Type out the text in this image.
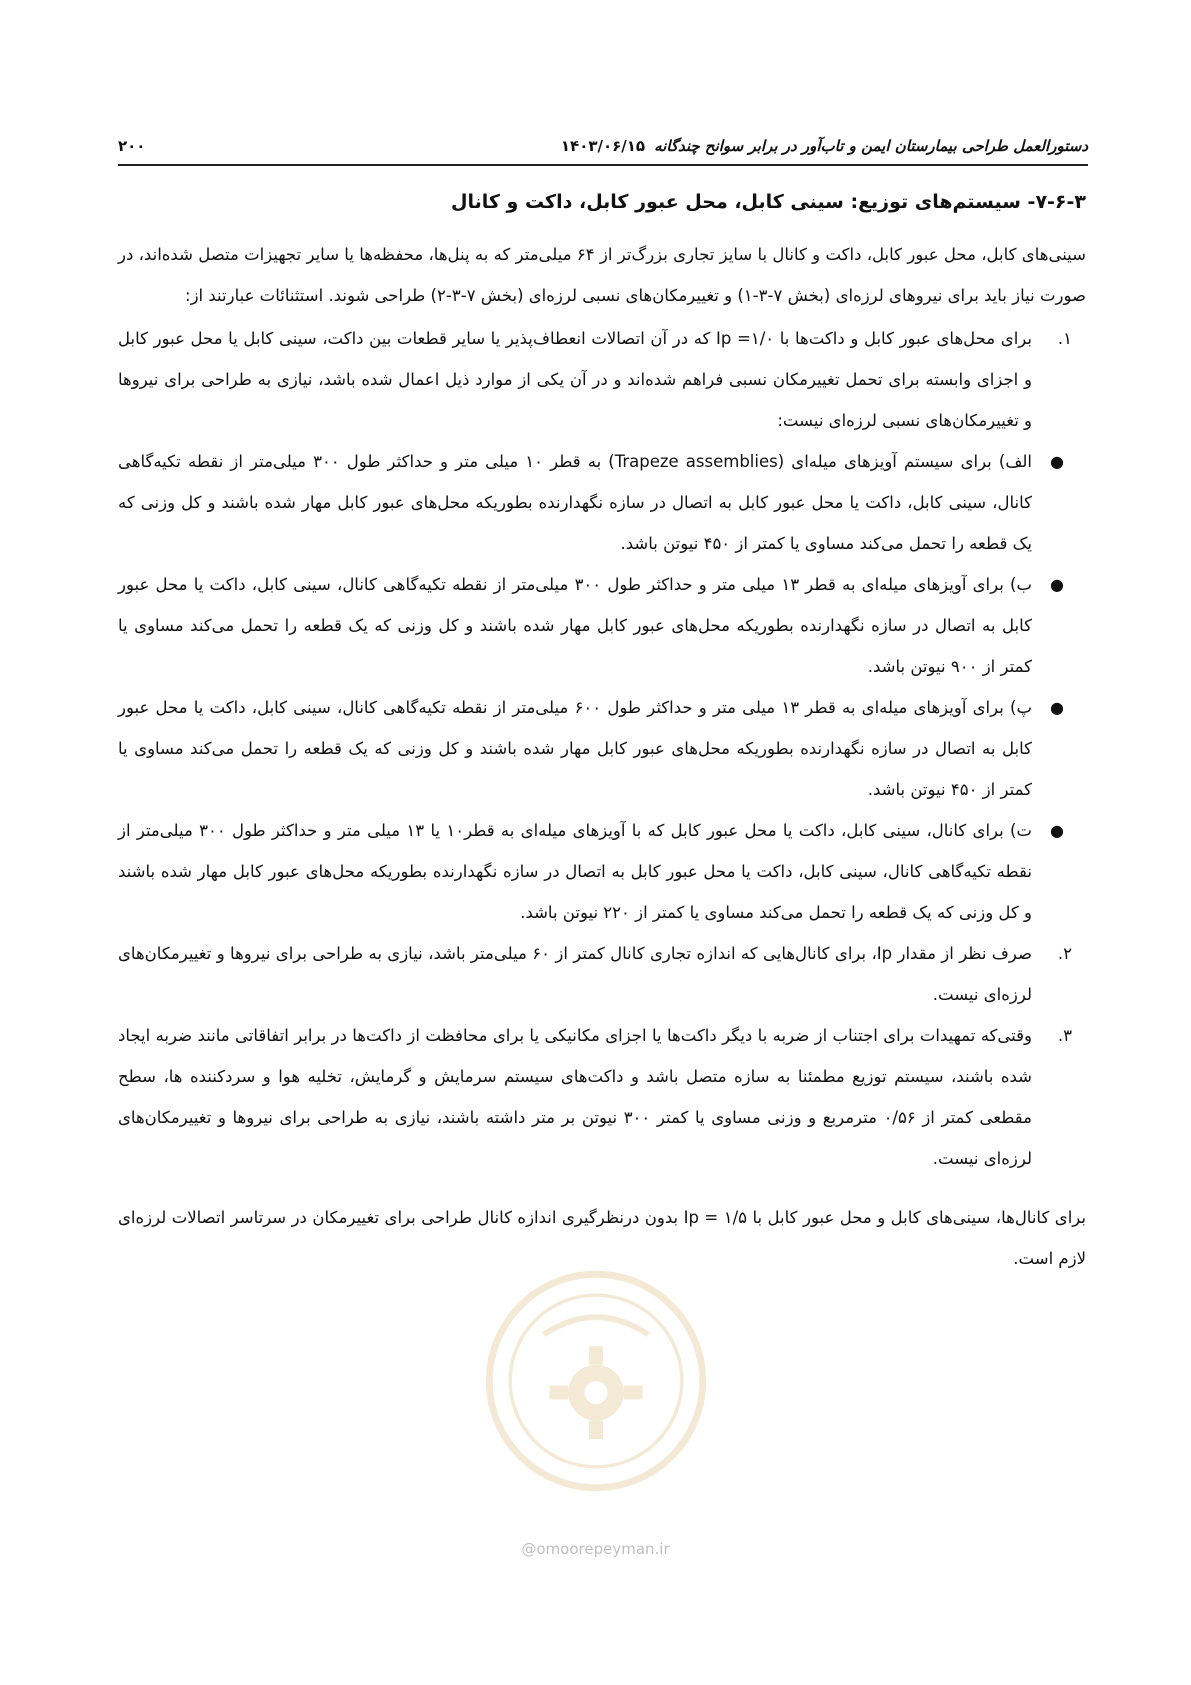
دستورالعمل طراحی بیمارستان ایمن و تاب‌آور در برابر سوانح چندگانه
۱۴۰۳/۰۶/۱۵
۲۰۰
۷-۶-۳- سیستم‌های توزیع: سینی کابل، محل عبور کابل، داکت و کانال

سینی‌های کابل، محل عبور کابل، داکت و کانال با سایز تجاری بزرگ‌تر از ۶۴ میلی‌متر که به پنل‌ها، محفظه‌ها یا سایر تجهیزات متصل شده‌اند، در صورت نیاز باید برای نیروهای لرزه‌ای (بخش ۷-۳-۱) و تغییرمکان‌های نسبی لرزه‌ای (بخش ۷-۳-۲) طراحی شوند. استثنائات عبارتند از:

۱.

برای محل‌های عبور کابل و داکت‌ها با Ip =۱/۰ که در آن اتصالات انعطاف‌پذیر یا سایر قطعات بین داکت، سینی کابل یا محل عبور کابل و اجزای وابسته برای تحمل تغییرمکان نسبی فراهم شده‌اند و در آن یکی از موارد ذیل اعمال شده باشد، نیازی به طراحی برای نیروها و تغییرمکان‌های نسبی لرزه‌ای نیست:

●

الف) برای سیستم آویزهای میله‌ای (Trapeze assemblies) به قطر ۱۰ میلی متر و حداکثر طول ۳۰۰ میلی‌متر از نقطه تکیه‌گاهی کانال، سینی کابل، داکت یا محل عبور کابل به اتصال در سازه نگهدارنده بطوریکه محل‌های عبور کابل مهار شده باشند و کل وزنی که یک قطعه را تحمل می‌کند مساوی یا کمتر از ۴۵۰ نیوتن باشد.

●

ب) برای آویزهای میله‌ای به قطر ۱۳ میلی متر و حداکثر طول ۳۰۰ میلی‌متر از نقطه تکیه‌گاهی کانال، سینی کابل، داکت یا محل عبور کابل به اتصال در سازه نگهدارنده بطوریکه محل‌های عبور کابل مهار شده باشند و کل وزنی که یک قطعه را تحمل می‌کند مساوی یا کمتر از ۹۰۰ نیوتن باشد.

●

پ) برای آویزهای میله‌ای به قطر ۱۳ میلی متر و حداکثر طول ۶۰۰ میلی‌متر از نقطه تکیه‌گاهی کانال، سینی کابل، داکت یا محل عبور کابل به اتصال در سازه نگهدارنده بطوریکه محل‌های عبور کابل مهار شده باشند و کل وزنی که یک قطعه را تحمل می‌کند مساوی یا کمتر از ۴۵۰ نیوتن باشد.

●

ت) برای کانال، سینی کابل، داکت یا محل عبور کابل که با آویزهای میله‌ای به قطر۱۰ یا ۱۳ میلی متر و حداکثر طول ۳۰۰ میلی‌متر از نقطه تکیه‌گاهی کانال، سینی کابل، داکت یا محل عبور کابل به اتصال در سازه نگهدارنده بطوریکه محل‌های عبور کابل مهار شده باشند و کل وزنی که یک قطعه را تحمل می‌کند مساوی یا کمتر از ۲۲۰ نیوتن باشد.

۲.

صرف نظر از مقدار Ip، برای کانال‌هایی که اندازه تجاری کانال کمتر از ۶۰ میلی‌متر باشد، نیازی به طراحی برای نیروها و تغییرمکان‌های لرزه‌ای نیست.

۳.

وقتی‌که تمهیدات برای اجتناب از ضربه با دیگر داکت‌ها یا اجزای مکانیکی یا برای محافظت از داکت‌ها در برابر اتفاقاتی مانند ضربه ایجاد شده باشند، سیستم توزیع مطمئنا به سازه متصل باشد و داکت‌های سیستم سرمایش و گرمایش، تخلیه هوا و سردکننده ها، سطح مقطعی کمتر از ۰/۵۶ مترمربع و وزنی مساوی یا کمتر ۳۰۰ نیوتن بر متر داشته باشند، نیازی به طراحی برای نیروها و تغییرمکان‌های لرزه‌ای نیست.

برای کانال‌ها، سینی‌های کابل و محل عبور کابل با Ip = ۱/۵ بدون درنظرگیری اندازه کانال طراحی برای تغییرمکان در سرتاسر اتصالات لرزه‌ای لازم است.

@omoorepeyman.ir
